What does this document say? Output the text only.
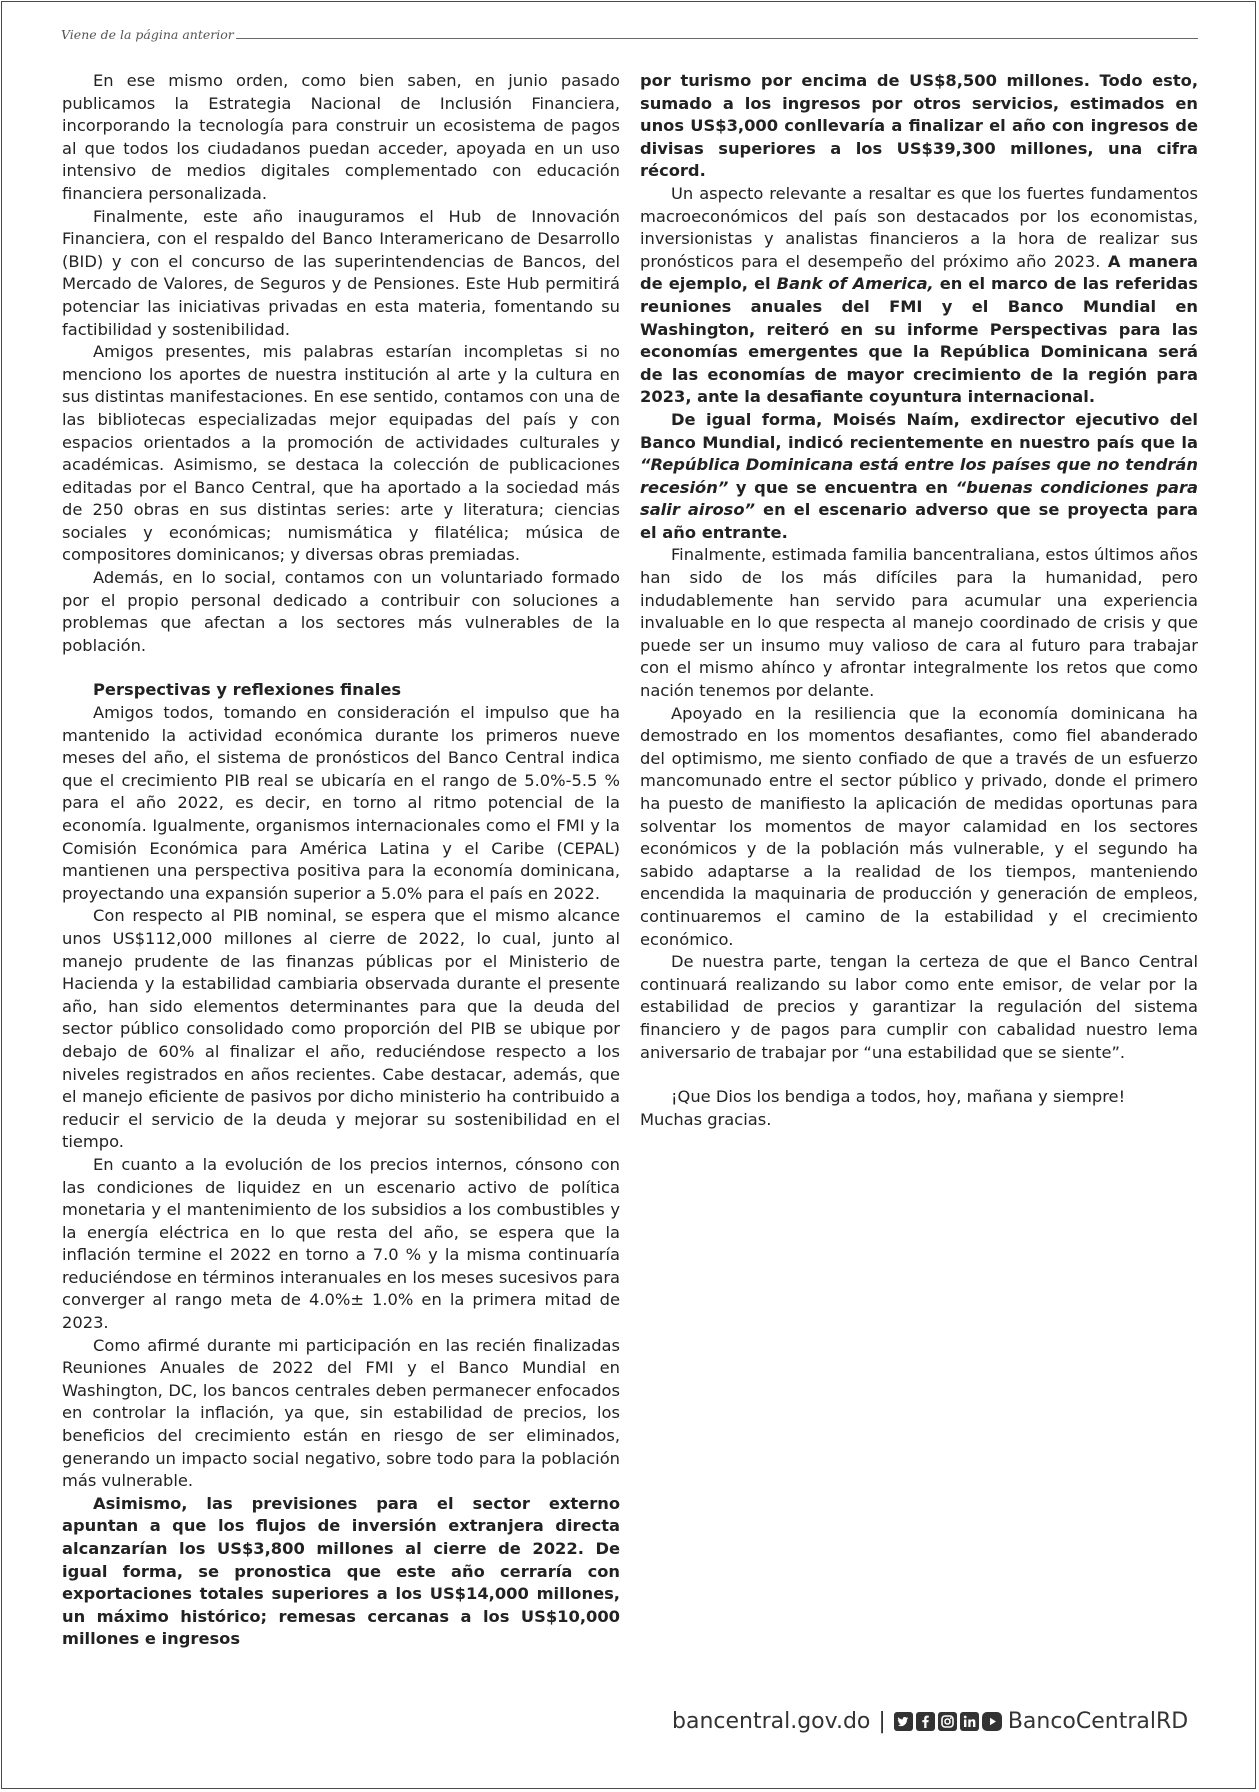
Viene de la página anterior

En ese mismo orden, como bien saben, en junio pasado publicamos la Estrategia Nacional de Inclusión Financiera, incorporando la tecnología para construir un ecosistema de pagos al que todos los ciudadanos puedan acceder, apoyada en un uso intensivo de medios digitales complementado con educación financiera personalizada.

Finalmente, este año inauguramos el Hub de Innovación Financiera, con el respaldo del Banco Interamericano de Desarrollo (BID) y con el concurso de las superintendencias de Bancos, del Mercado de Valores, de Seguros y de Pensiones. Este Hub permitirá potenciar las iniciativas privadas en esta materia, fomentando su factibilidad y sostenibilidad.

Amigos presentes, mis palabras estarían incompletas si no menciono los aportes de nuestra institución al arte y la cultura en sus distintas manifestaciones. En ese sentido, contamos con una de las bibliotecas especializadas mejor equipadas del país y con espacios orientados a la promoción de actividades culturales y académicas. Asimismo, se destaca la colección de publicaciones editadas por el Banco Central, que ha aportado a la sociedad más de 250 obras en sus distintas series: arte y literatura; ciencias sociales y económicas; numismática y filatélica; música de compositores dominicanos; y diversas obras premiadas.

Además, en lo social, contamos con un voluntariado formado por el propio personal dedicado a contribuir con soluciones a problemas que afectan a los sectores más vulnerables de la población.

Perspectivas y reflexiones finales

Amigos todos, tomando en consideración el impulso que ha mantenido la actividad económica durante los primeros nueve meses del año, el sistema de pronósticos del Banco Central indica que el crecimiento PIB real se ubicaría en el rango de 5.0%-5.5 % para el año 2022, es decir, en torno al ritmo potencial de la economía. Igualmente, organismos internacionales como el FMI y la Comisión Económica para América Latina y el Caribe (CEPAL) mantienen una perspectiva positiva para la economía dominicana, proyectando una expansión superior a 5.0% para el país en 2022.

Con respecto al PIB nominal, se espera que el mismo alcance unos US$112,000 millones al cierre de 2022, lo cual, junto al manejo prudente de las finanzas públicas por el Ministerio de Hacienda y la estabilidad cambiaria observada durante el presente año, han sido elementos determinantes para que la deuda del sector público consolidado como proporción del PIB se ubique por debajo de 60% al finalizar el año, reduciéndose respecto a los niveles registrados en años recientes. Cabe destacar, además, que el manejo eficiente de pasivos por dicho ministerio ha contribuido a reducir el servicio de la deuda y mejorar su sostenibilidad en el tiempo.

En cuanto a la evolución de los precios internos, cónsono con las condiciones de liquidez en un escenario activo de política monetaria y el mantenimiento de los subsidios a los combustibles y la energía eléctrica en lo que resta del año, se espera que la inflación termine el 2022 en torno a 7.0 % y la misma continuaría reduciéndose en términos interanuales en los meses sucesivos para converger al rango meta de 4.0%± 1.0% en la primera mitad de 2023.

Como afirmé durante mi participación en las recién finalizadas Reuniones Anuales de 2022 del FMI y el Banco Mundial en Washington, DC, los bancos centrales deben permanecer enfocados en controlar la inflación, ya que, sin estabilidad de precios, los beneficios del crecimiento están en riesgo de ser eliminados, generando un impacto social negativo, sobre todo para la población más vulnerable.

Asimismo, las previsiones para el sector externo apuntan a que los flujos de inversión extranjera directa alcanzarían los US$3,800 millones al cierre de 2022. De igual forma, se pronostica que este año cerraría con exportaciones totales superiores a los US$14,000 millones, un máximo histórico; remesas cercanas a los US$10,000 millones e ingresos

por turismo por encima de US$8,500 millones. Todo esto, sumado a los ingresos por otros servicios, estimados en unos US$3,000 conllevaría a finalizar el año con ingresos de divisas superiores a los US$39,300 millones, una cifra récord.

Un aspecto relevante a resaltar es que los fuertes fundamentos macroeconómicos del país son destacados por los economistas, inversionistas y analistas financieros a la hora de realizar sus pronósticos para el desempeño del próximo año 2023. A manera de ejemplo, el Bank of America, en el marco de las referidas reuniones anuales del FMI y el Banco Mundial en Washington, reiteró en su informe Perspectivas para las economías emergentes que la República Dominicana será de las economías de mayor crecimiento de la región para 2023, ante la desafiante coyuntura internacional.

De igual forma, Moisés Naím, exdirector ejecutivo del Banco Mundial, indicó recientemente en nuestro país que la “República Dominicana está entre los países que no tendrán recesión” y que se encuentra en “buenas condiciones para salir airoso” en el escenario adverso que se proyecta para el año entrante.

Finalmente, estimada familia bancentraliana, estos últimos años han sido de los más difíciles para la humanidad, pero indudablemente han servido para acumular una experiencia invaluable en lo que respecta al manejo coordinado de crisis y que puede ser un insumo muy valioso de cara al futuro para trabajar con el mismo ahínco y afrontar integralmente los retos que como nación tenemos por delante.

Apoyado en la resiliencia que la economía dominicana ha demostrado en los momentos desafiantes, como fiel abanderado del optimismo, me siento confiado de que a través de un esfuerzo mancomunado entre el sector público y privado, donde el primero ha puesto de manifiesto la aplicación de medidas oportunas para solventar los momentos de mayor calamidad en los sectores económicos y de la población más vulnerable, y el segundo ha sabido adaptarse a la realidad de los tiempos, manteniendo encendida la maquinaria de producción y generación de empleos, continuaremos el camino de la estabilidad y el crecimiento económico.

De nuestra parte, tengan la certeza de que el Banco Central continuará realizando su labor como ente emisor, de velar por la estabilidad de precios y garantizar la regulación del sistema financiero y de pagos para cumplir con cabalidad nuestro lema aniversario de trabajar por “una estabilidad que se siente”.

¡Que Dios los bendiga a todos, hoy, mañana y siempre!

Muchas gracias.

bancentral.gov.do |	BancoCentralRD
